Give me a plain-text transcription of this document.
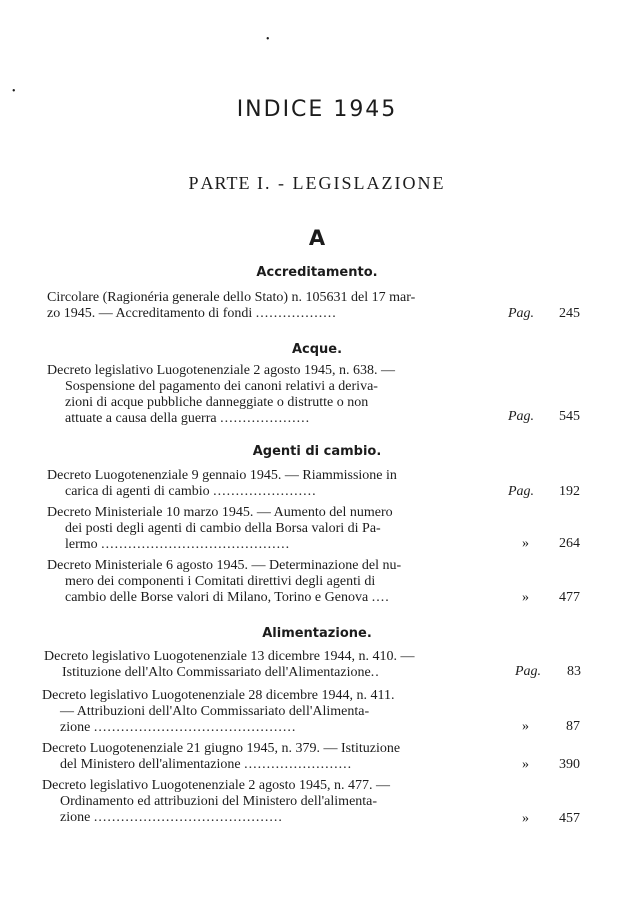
INDICE 1945
PARTE I. - LEGISLAZIONE
A
Accreditamento.
Circolare (Ragionéria generale dello Stato) n. 105631 del 17 mar-
zo 1945. — Accreditamento di fondi ..................	Pag. 245
Acque.
Decreto legislativo Luogotenenziale 2 agosto 1945, n. 638. —
Sospensione del pagamento dei canoni relativi a deriva-
zioni di acque pubbliche danneggiate o distrutte o non
attuate a causa della guerra ....................	Pag. 545
Agenti di cambio.
Decreto Luogotenenziale 9 gennaio 1945. — Riammissione in
carica di agenti di cambio .......................	Pag. 192
Decreto Ministeriale 10 marzo 1945. — Aumento del numero
dei posti degli agenti di cambio della Borsa valori di Pa-
lermo ..........................................	» 264
Decreto Ministeriale 6 agosto 1945. — Determinazione del nu-
mero dei componenti i Comitati direttivi degli agenti di
cambio delle Borse valori di Milano, Torino e Genova ....	» 477
Alimentazione.
Decreto legislativo Luogotenenziale 13 dicembre 1944, n. 410. —
Istituzione dell'Alto Commissariato dell'Alimentazione..	Pag. 83
Decreto legislativo Luogotenenziale 28 dicembre 1944, n. 411.
— Attribuzioni dell'Alto Commissariato dell'Alimenta-
zione .............................................	»	87
Decreto Luogotenenziale 21 giugno 1945, n. 379. — Istituzione
del Ministero dell'alimentazione ........................	» 390
Decreto legislativo Luogotenenziale 2 agosto 1945, n. 477. —
Ordinamento ed attribuzioni del Ministero dell'alimenta-
zione ..........................................	» 457
•
•
